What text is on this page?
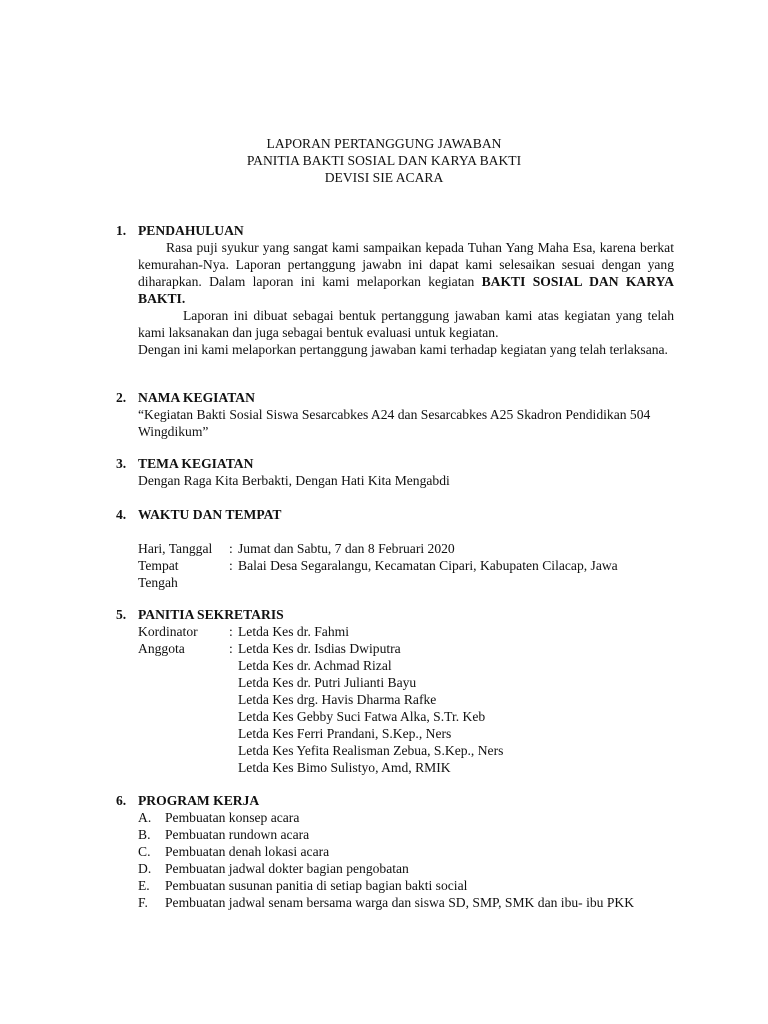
LAPORAN PERTANGGUNG JAWABAN
PANITIA BAKTI SOSIAL DAN KARYA BAKTI
DEVISI SIE ACARA
1. PENDAHULUAN
Rasa puji syukur yang sangat kami sampaikan kepada Tuhan Yang Maha Esa, karena berkat kemurahan-Nya. Laporan pertanggung jawabn ini dapat kami selesaikan sesuai dengan yang diharapkan. Dalam laporan ini kami melaporkan kegiatan BAKTI SOSIAL DAN KARYA BAKTI.
Laporan ini dibuat sebagai bentuk pertanggung jawaban kami atas kegiatan yang telah kami laksanakan dan juga sebagai bentuk evaluasi untuk kegiatan.
Dengan ini kami melaporkan pertanggung jawaban kami terhadap kegiatan yang telah terlaksana.
2. NAMA KEGIATAN
“Kegiatan Bakti Sosial Siswa Sesarcabkes A24 dan Sesarcabkes A25 Skadron Pendidikan 504 Wingdikum”
3. TEMA KEGIATAN
Dengan Raga Kita Berbakti, Dengan Hati Kita Mengabdi
4. WAKTU DAN TEMPAT
Hari, Tanggal	: Jumat dan Sabtu, 7 dan 8 Februari 2020
Tempat	: Balai Desa Segaralangu, Kecamatan Cipari, Kabupaten Cilacap, Jawa
Tengah
5. PANITIA SEKRETARIS
Kordinator	: Letda Kes dr. Fahmi
Anggota	: Letda Kes dr. Isdias Dwiputra
Letda Kes dr. Achmad Rizal
Letda Kes dr. Putri Julianti Bayu
Letda Kes drg. Havis Dharma Rafke
Letda Kes Gebby Suci Fatwa Alka, S.Tr. Keb
Letda Kes Ferri Prandani, S.Kep., Ners
Letda Kes Yefita Realisman Zebua, S.Kep., Ners
Letda Kes Bimo Sulistyo, Amd, RMIK
6. PROGRAM KERJA
A.	Pembuatan konsep acara
B.	Pembuatan rundown acara
C.	Pembuatan denah lokasi acara
D.	Pembuatan jadwal dokter bagian pengobatan
E.	Pembuatan susunan panitia di setiap bagian bakti social
F.	Pembuatan jadwal senam bersama warga dan siswa SD, SMP, SMK dan ibu- ibu PKK
